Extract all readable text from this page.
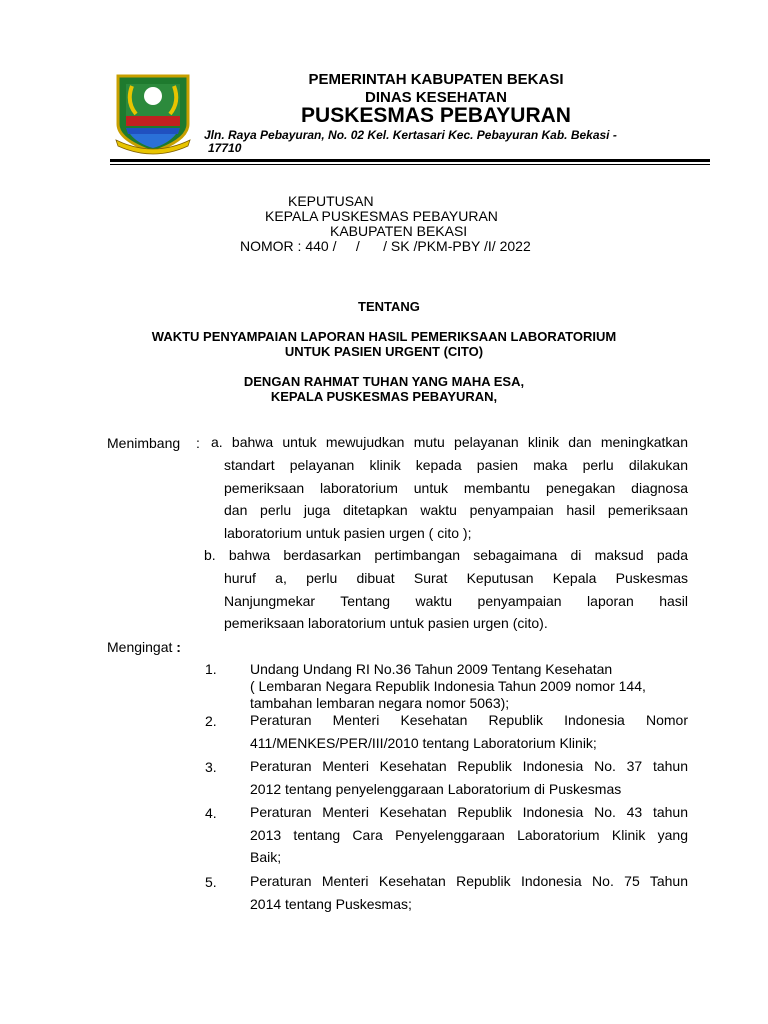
PEMERINTAH KABUPATEN BEKASI
DINAS KESEHATAN
PUSKESMAS PEBAYURAN
Jln. Raya Pebayuran, No. 02 Kel. Kertasari Kec. Pebayuran Kab. Bekasi -
17710
KEPUTUSAN
KEPALA PUSKESMAS PEBAYURAN
KABUPATEN BEKASI
NOMOR : 440 /     /      / SK /PKM-PBY /I/ 2022
TENTANG
WAKTU PENYAMPAIAN LAPORAN HASIL PEMERIKSAAN LABORATORIUM
UNTUK PASIEN URGENT (CITO)
DENGAN RAHMAT TUHAN YANG MAHA ESA,
KEPALA PUSKESMAS PEBAYURAN,
Menimbang : a. bahwa untuk mewujudkan mutu pelayanan klinik dan meningkatkan
standart pelayanan klinik kepada pasien maka perlu dilakukan
pemeriksaan laboratorium untuk membantu penegakan diagnosa
dan perlu juga ditetapkan waktu penyampaian hasil pemeriksaan
laboratorium untuk pasien urgen ( cito );
b. bahwa berdasarkan pertimbangan sebagaimana di maksud pada
huruf a, perlu dibuat Surat Keputusan Kepala Puskesmas
Nanjungmekar Tentang waktu penyampaian laporan hasil
pemeriksaan laboratorium untuk pasien urgen (cito).
Mengingat :
1. Undang Undang RI No.36 Tahun 2009 Tentang Kesehatan
( Lembaran Negara Republik Indonesia Tahun 2009 nomor 144,
tambahan lembaran negara nomor 5063);
2. Peraturan Menteri Kesehatan Republik Indonesia Nomor
411/MENKES/PER/III/2010 tentang Laboratorium Klinik;
3. Peraturan Menteri Kesehatan Republik Indonesia No. 37 tahun
2012 tentang penyelenggaraan Laboratorium di Puskesmas
4. Peraturan Menteri Kesehatan Republik Indonesia No. 43 tahun
2013 tentang Cara Penyelenggaraan Laboratorium Klinik yang
Baik;
5. Peraturan Menteri Kesehatan Republik Indonesia No. 75 Tahun
2014 tentang Puskesmas;
